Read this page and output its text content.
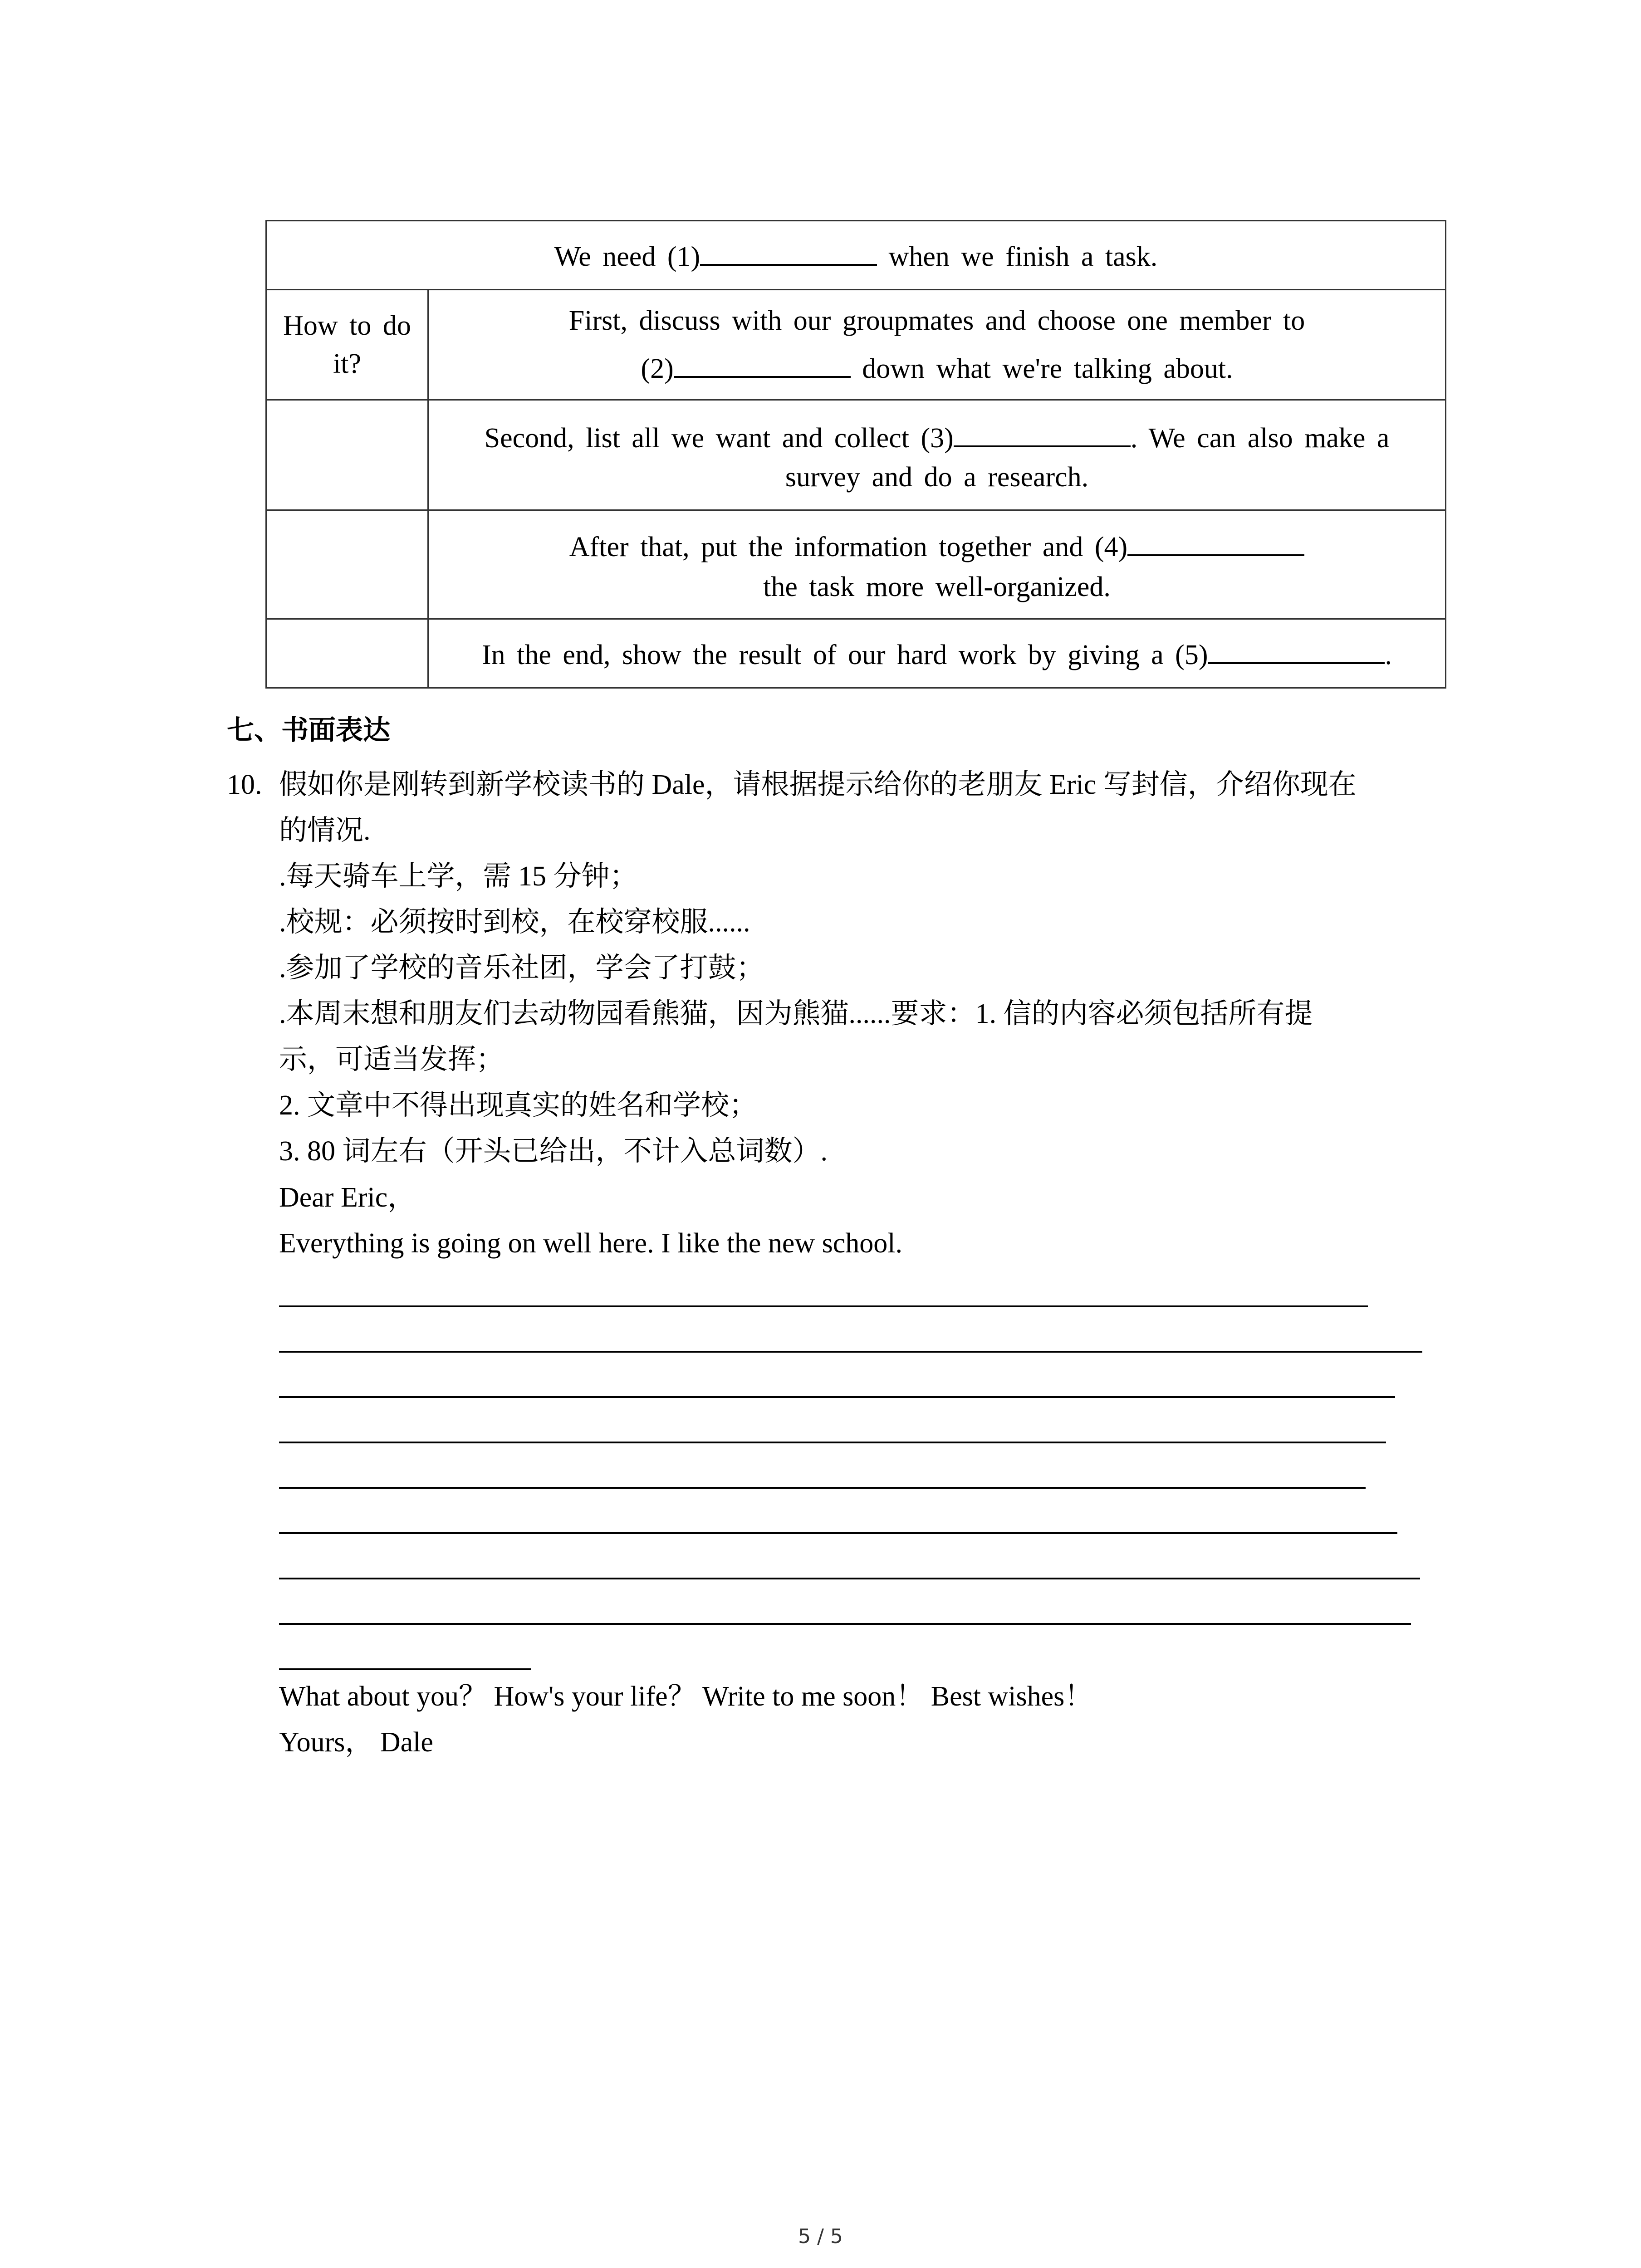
We need (1) when we finish a task.	
How to do it?	First, discuss with our groupmates and choose one member to
(2) down what we're talking about.

	Second, list all we want and collect (3) . We can also make a survey and do a research.

	After that, put the information together and (4)
the task more well-organized.

	In the end, show the result of our hard work by giving a (5) .
七、书面表达
10. 假如你是刚转到新学校读书的 Dale，请根据提示给你的老朋友 Eric 写封信，介绍你现在
的情况.
.每天骑车上学，需 15 分钟；
.校规：必须按时到校，在校穿校服......
.参加了学校的音乐社团，学会了打鼓；
.本周末想和朋友们去动物园看熊猫，因为熊猫......要求：1. 信的内容必须包括所有提
示，可适当发挥；
2. 文章中不得出现真实的姓名和学校；
3. 80 词左右（开头已给出，不计入总词数）.
Dear Eric，
Everything is going on well here. I like the new school.
What about you？ How's your life？ Write to me soon！ Best wishes！
Yours， Dale
5 / 5
